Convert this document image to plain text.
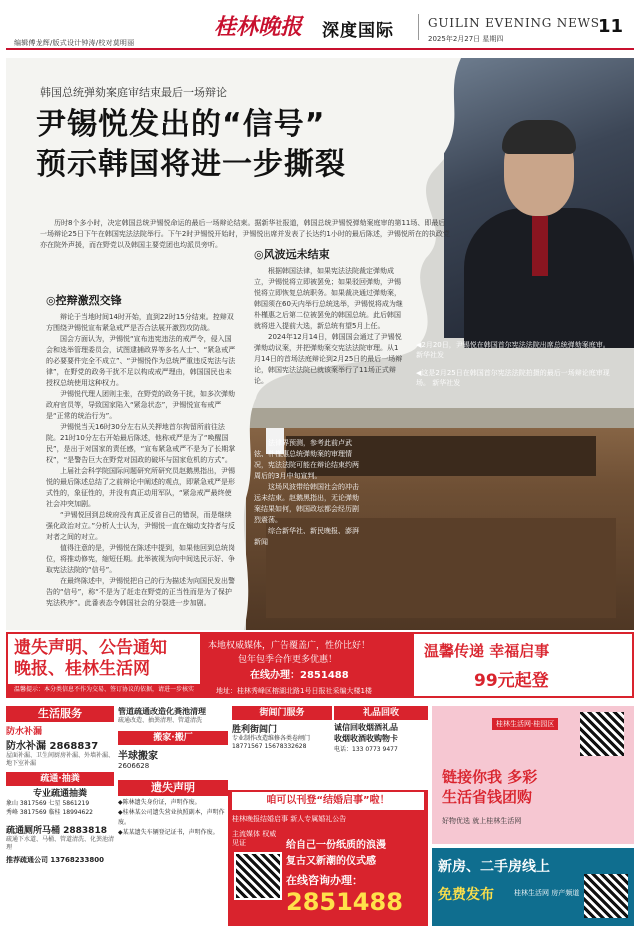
编辑傅龙辉/版式设计钟涛/校对莫明丽
桂林晚报 深度国际	GUILIN EVENING NEWS
2025年2月27日 星期四
11
韩国总统弹劾案庭审结束最后一场辩论
尹锡悦发出的“信号”
预示韩国将进一步撕裂
历时8个多小时，决定韩国总统尹锡悦命运的最后一场辩论结束。据新华社报道，韩国总统尹锡悦弹劾案庭审的第11场、即最后一场辩论25日下午在韩国宪法法院举行。下午2时尹锡悦开始时，尹锡悦出席并发表了长达约1小时的最后陈述，尹锡悦所在的执政党亦在院外声援，而在野党以及韩国主要党团也均派员旁听。
◎控辩激烈交锋

辩论于当地时间14时开始，直到22时15分结束。控辩双方围绕尹锡悦宣布紧急戒严是否合法展开激烈攻防战。

国会方面认为，尹锡悦“宣布违宪违法的戒严令，侵入国会和选举管理委员会，试图逮捕政界等多名人士”、“紧急戒严的必要要件完全不成立”、“尹锡悦作为总统严重违反宪法与法律”，在野党的政务干扰不足以构成戒严理由，韩国国民也未授权总统使用这种权力。

尹锡悦代理人团则主张，在野党的政务干扰，如多次弹劾政府官员等，导致国家陷入“紧急状态”，尹锡悦宣布戒严是“正常的统治行为”。

尹锡悦当天16时30分左右从关押地首尔拘留所前往法院。21时10分左右开始最后陈述，他称戒严是为了“唤醒国民”，是出于对国家的责任感，“宣布紧急戒严不是为了长期掌权”，“是警告巨大在野党对国政的破坏与国家危机的方式”。

上届社会科学院国际问题研究所研究员赵鹅黑指出，尹锡悦的最后陈述总结了之前辩论中阐述的观点，即紧急戒严是形式性的，象征性的，并没有真正动用军队，“紧急戒严最终使社会冲突加剧。

“尹锡悦回到总统府没有真正反省自己的错误，而是继续强化政治对立。”分析人士认为，尹锡悦一直在煽动支持者与反对者之间的对立。

值得注意的是，尹锡悦在陈述中提到，如果他回到总统岗位，将推动修宪，缩短任期。此举被视为向中间选民示好、争取宪法法院的“信号”。

在最终陈述中，尹锡悦把自己的行为描述为向国民发出警告的“信号”，称“不是为了赶走在野党的正当性而是为了保护宪法秩序”。此番表态令韩国社会的分裂进一步加剧。

◎风波远未结束

根据韩国法律，如果宪法法院裁定弹劾成立，尹锡悦将立即被罢免；如果驳回弹劾，尹锡悦将立即恢复总统职务。如果裁决通过弹劾案，韩国须在60天内举行总统选举，尹锡悦将成为继朴槿惠之后第二位被罢免的韩国总统。此后韩国就将进入提前大选，新总统有望5月上任。

2024年12月14日，韩国国会通过了尹锡悦弹劾动议案，并把弹劾案交宪法法院审理。从1月14日的首场法庭辩论到2月25日的最后一场辩论，韩国宪法法院已就该案举行了11场正式辩论。

法律界预测，参考此前卢武铉、朴槿惠总统弹劾案的审理情况，宪法法院可能在辩论结束约两周后的3月中旬宣判。

这场风波带给韩国社会的冲击远未结束。赵鹅黑指出，无论弹劾案结果如何，韩国政坛都会经历剧烈震荡。

综合新华社、新民晚报、澎湃新闻

◀2月20日，尹锡悦在韩国首尔宪法法院出席总统弹劾案庭审。 新华社发
◀这是2月25日在韩国首尔宪法法院拍摄的最后一场辩论庭审现场。 新华社发
遗失声明、公告通知
晚报、桂林生活网
温馨提示：本分类信息不作为交易、签订协议的依据，请进一步核实
本地权威媒体，广告覆盖广，性价比好！
包年包季合作更多优惠！
在线办理：2851488
地址：桂林秀峰区榕湖北路1号日报社采编大楼1楼
温馨传递 幸福启事
99元起登
生活服务
防水补漏
防水补漏 2868837
屋面补漏、卫生间厨房补漏、外墙补漏、地下室补漏
疏通·抽粪
专业疏通抽粪
象山 3817569 七星 5861219
秀峰 3817569 临桂 18994622
疏通厕所马桶 2883818
疏通下水道、马桶、管道清洗、化粪池清理
推荐疏通公司 13768233800
管道疏通改造化粪池清理
疏通改造、抽粪清理、管道清洗
搬家·搬厂
半球搬家
2606628
遗失声明
◆陈林遗失身份证，声明作废。
◆桂林某公司遗失营业执照副本，声明作废。
◆某某遗失车辆登记证书，声明作废。
街闾门服务
胜利街闾门
专业制作改造维修各类卷闸门
18771567 15678332628
礼品回收
诚信回收烟酒礼品
收烟收酒收购物卡
电话：133 0773 9477
咱可以刊登“结婚启事”啦！
桂林晚报结婚启事 新人专属婚礼公告
主流媒体 权威见证	给自己一份纸质的浪漫
复古又新潮的仪式感
在线咨询办理：
2851488
桂林生活网·桂园区
链接你我 多彩
生活省钱团购
好物优选 就上桂林生活网
新房、二手房线上
免费发布	桂林生活网 房产频道
